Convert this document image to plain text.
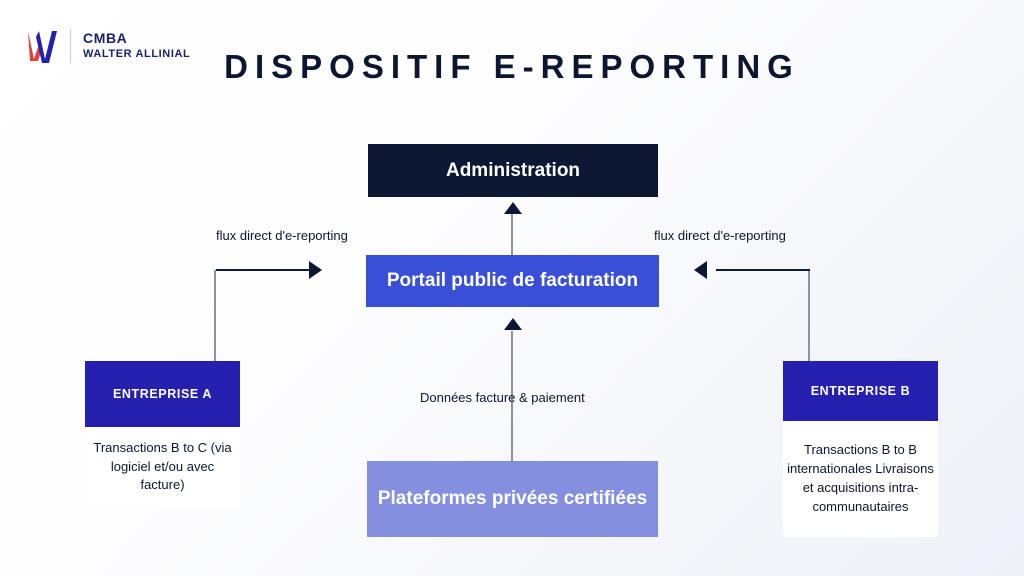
CMBA
WALTER ALLINIAL	DISPOSITIF E-REPORTING
Administration
Portail public de facturation
Plateformes privées certifiées
ENTREPRISE A	ENTREPRISE B
Transactions B to C (via logiciel et/ou avec facture)
Transactions B to B internationales Livraisons et acquisitions intra-communautaires
flux direct d'e-reporting	flux direct d'e-reporting
Données facture & paiement
